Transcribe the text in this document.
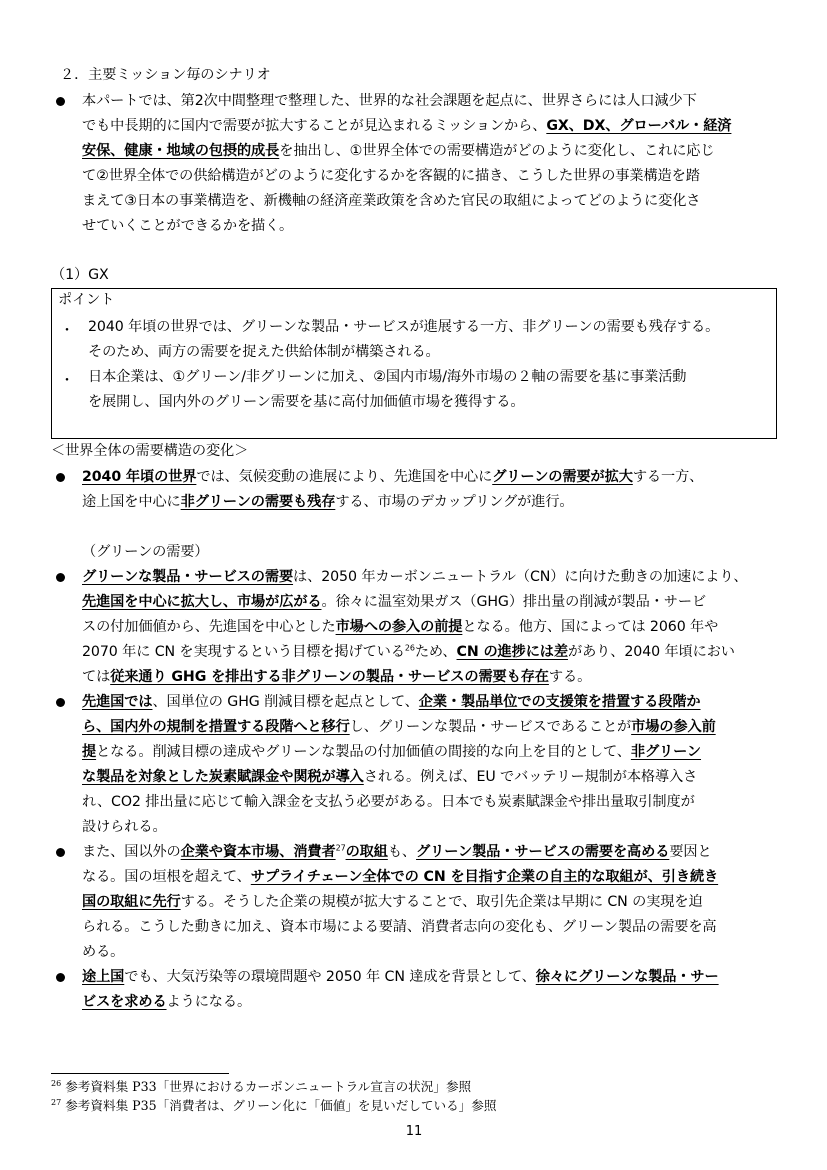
２．主要ミッション毎のシナリオ
本パートでは、第2次中間整理で整理した、世界的な社会課題を起点に、世界さらには人口減少下
でも中長期的に国内で需要が拡大することが見込まれるミッションから、GX、DX、グローバル・経済
安保、健康・地域の包摂的成長を抽出し、①世界全体での需要構造がどのように変化し、これに応じ
て②世界全体での供給構造がどのように変化するかを客観的に描き、こうした世界の事業構造を踏
まえて③日本の事業構造を、新機軸の経済産業政策を含めた官民の取組によってどのように変化さ
せていくことができるかを描く。
（1）GX
ポイント
・ 2040 年頃の世界では、グリーンな製品・サービスが進展する一方、非グリーンの需要も残存する。
そのため、両方の需要を捉えた供給体制が構築される。
・ 日本企業は、①グリーン/非グリーンに加え、②国内市場/海外市場の２軸の需要を基に事業活動
を展開し、国内外のグリーン需要を基に高付加価値市場を獲得する。
＜世界全体の需要構造の変化＞
2040 年頃の世界では、気候変動の進展により、先進国を中心にグリーンの需要が拡大する一方、
途上国を中心に非グリーンの需要も残存する、市場のデカップリングが進行。
（グリーンの需要）
グリーンな製品・サービスの需要は、2050 年カーボンニュートラル（CN）に向けた動きの加速により、
先進国を中心に拡大し、市場が広がる。徐々に温室効果ガス（GHG）排出量の削減が製品・サービ
スの付加価値から、先進国を中心とした市場への参入の前提となる。他方、国によっては 2060 年や
2070 年に CN を実現するという目標を掲げている$^{26}$ため、CN の進捗には差があり、2040 年頃におい
ては従来通り GHG を排出する非グリーンの製品・サービスの需要も存在する。
先進国では、国単位の GHG 削減目標を起点として、企業・製品単位での支援策を措置する段階か
ら、国内外の規制を措置する段階へと移行し、グリーンな製品・サービスであることが市場の参入前
提となる。削減目標の達成やグリーンな製品の付加価値の間接的な向上を目的として、非グリーン
な製品を対象とした炭素賦課金や関税が導入される。例えば、EU でバッテリー規制が本格導入さ
れ、CO2 排出量に応じて輸入課金を支払う必要がある。日本でも炭素賦課金や排出量取引制度が
設けられる。
また、国以外の企業や資本市場、消費者$^{27}$の取組も、グリーン製品・サービスの需要を高める要因と
なる。国の垣根を超えて、サプライチェーン全体での CN を目指す企業の自主的な取組が、引き続き
国の取組に先行する。そうした企業の規模が拡大することで、取引先企業は早期に CN の実現を迫
られる。こうした動きに加え、資本市場による要請、消費者志向の変化も、グリーン製品の需要を高
める。
途上国でも、大気汚染等の環境問題や 2050 年 CN 達成を背景として、徐々にグリーンな製品・サー
ビスを求めるようになる。
$^{26}$ 参考資料集 P33「世界におけるカーボンニュートラル宣言の状況」参照
$^{27}$ 参考資料集 P35「消費者は、グリーン化に「価値」を見いだしている」参照
11
